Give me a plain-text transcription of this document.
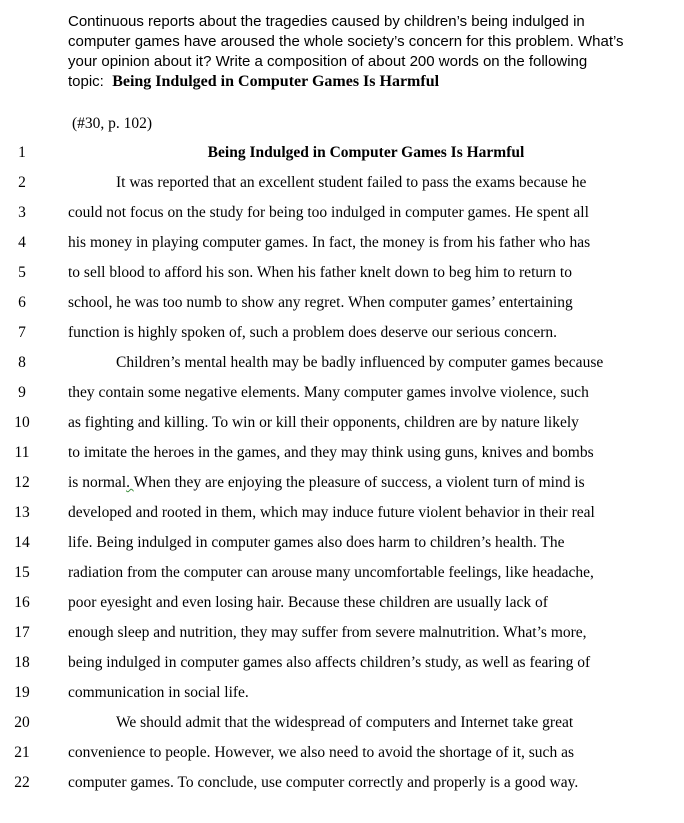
Continuous reports about the tragedies caused by children’s being indulged in
computer games have aroused the whole society’s concern for this problem. What’s
your opinion about it? Write a composition of about 200 words on the following
topic:  Being Indulged in Computer Games Is Harmful
(#30, p. 102)
1	Being Indulged in Computer Games Is Harmful
2	It was reported that an excellent student failed to pass the exams because he
3	could not focus on the study for being too indulged in computer games. He spent all
4	his money in playing computer games. In fact, the money is from his father who has
5	to sell blood to afford his son. When his father knelt down to beg him to return to
6	school, he was too numb to show any regret. When computer games’ entertaining
7	function is highly spoken of, such a problem does deserve our serious concern.
8	Children’s mental health may be badly influenced by computer games because
9	they contain some negative elements. Many computer games involve violence, such
10	as fighting and killing. To win or kill their opponents, children are by nature likely
11	to imitate the heroes in the games, and they may think using guns, knives and bombs
12	is normal. When they are enjoying the pleasure of success, a violent turn of mind is
13	developed and rooted in them, which may induce future violent behavior in their real
14	life. Being indulged in computer games also does harm to children’s health. The
15	radiation from the computer can arouse many uncomfortable feelings, like headache,
16	poor eyesight and even losing hair. Because these children are usually lack of
17	enough sleep and nutrition, they may suffer from severe malnutrition. What’s more,
18	being indulged in computer games also affects children’s study, as well as fearing of
19	communication in social life.
20	We should admit that the widespread of computers and Internet take great
21	convenience to people. However, we also need to avoid the shortage of it, such as
22	computer games. To conclude, use computer correctly and properly is a good way.
